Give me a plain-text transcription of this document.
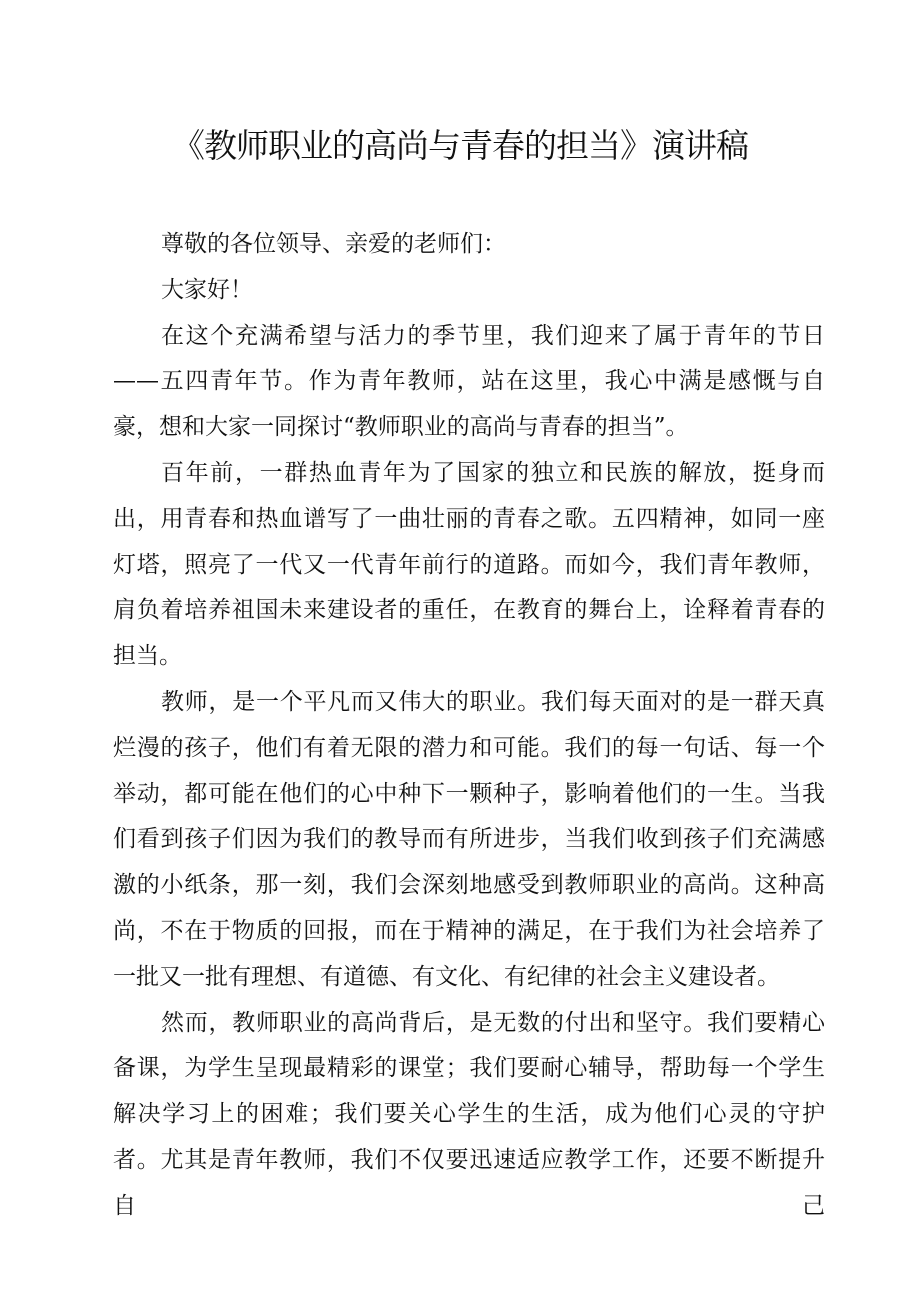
《教师职业的高尚与青春的担当》演讲稿

尊敬的各位领导、亲爱的老师们：

大家好！

在这个充满希望与活力的季节里，我们迎来了属于青年的节日——五四青年节。作为青年教师，站在这里，我心中满是感慨与自豪，想和大家一同探讨“教师职业的高尚与青春的担当”。

百年前，一群热血青年为了国家的独立和民族的解放，挺身而出，用青春和热血谱写了一曲壮丽的青春之歌。五四精神，如同一座灯塔，照亮了一代又一代青年前行的道路。而如今，我们青年教师，肩负着培养祖国未来建设者的重任，在教育的舞台上，诠释着青春的担当。

教师，是一个平凡而又伟大的职业。我们每天面对的是一群天真烂漫的孩子，他们有着无限的潜力和可能。我们的每一句话、每一个举动，都可能在他们的心中种下一颗种子，影响着他们的一生。当我们看到孩子们因为我们的教导而有所进步，当我们收到孩子们充满感激的小纸条，那一刻，我们会深刻地感受到教师职业的高尚。这种高尚，不在于物质的回报，而在于精神的满足，在于我们为社会培养了一批又一批有理想、有道德、有文化、有纪律的社会主义建设者。

然而，教师职业的高尚背后，是无数的付出和坚守。我们要精心备课，为学生呈现最精彩的课堂；我们要耐心辅导，帮助每一个学生解决学习上的困难；我们要关心学生的生活，成为他们心灵的守护者。尤其是青年教师，我们不仅要迅速适应教学工作，还要不断提升自己
